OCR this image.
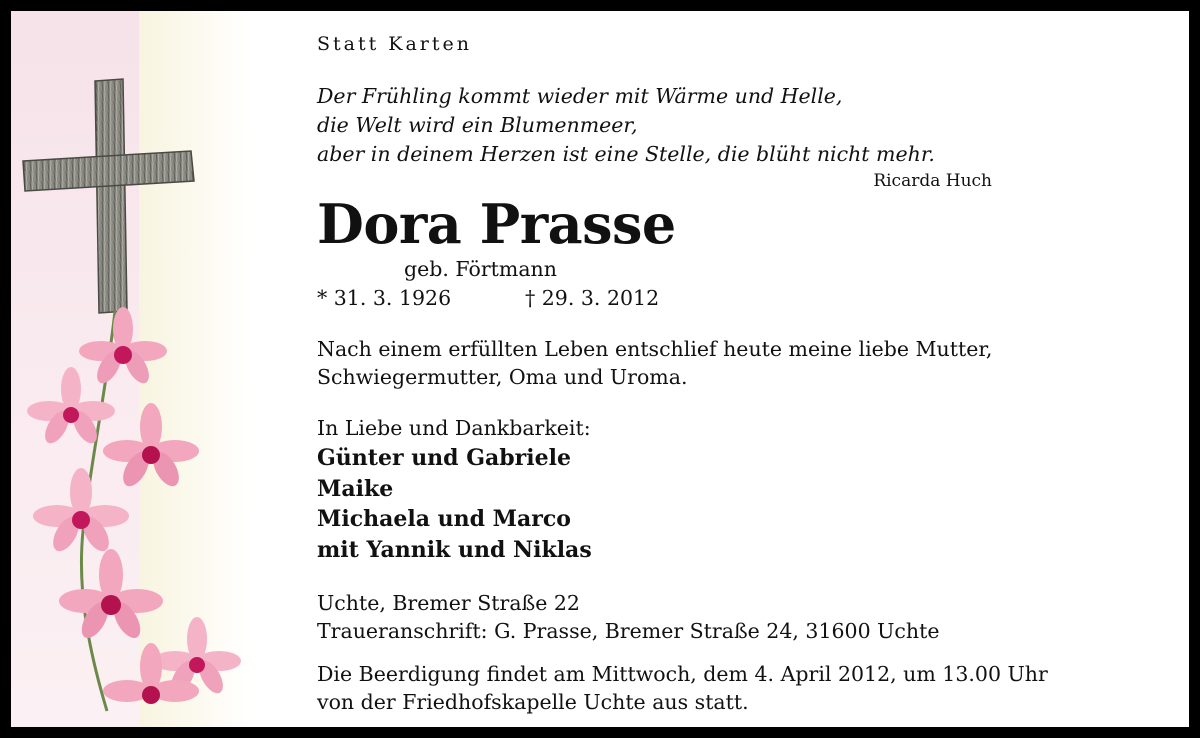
Statt Karten

Der Frühling kommt wieder mit Wärme und Helle,
die Welt wird ein Blumenmeer,
aber in deinem Herzen ist eine Stelle, die blüht nicht mehr.

Ricarda Huch

Dora Prasse

geb. Förtmann

* 31. 3. 1926	† 29. 3. 2012

Nach einem erfüllten Leben entschlief heute meine liebe Mutter,
Schwiegermutter, Oma und Uroma.

In Liebe und Dankbarkeit:

Günter und Gabriele
Maike
Michaela und Marco
mit Yannik und Niklas

Uchte, Bremer Straße 22
Traueranschrift: G. Prasse, Bremer Straße 24, 31600 Uchte

Die Beerdigung findet am Mittwoch, dem 4. April 2012, um 13.00 Uhr
von der Friedhofskapelle Uchte aus statt.
